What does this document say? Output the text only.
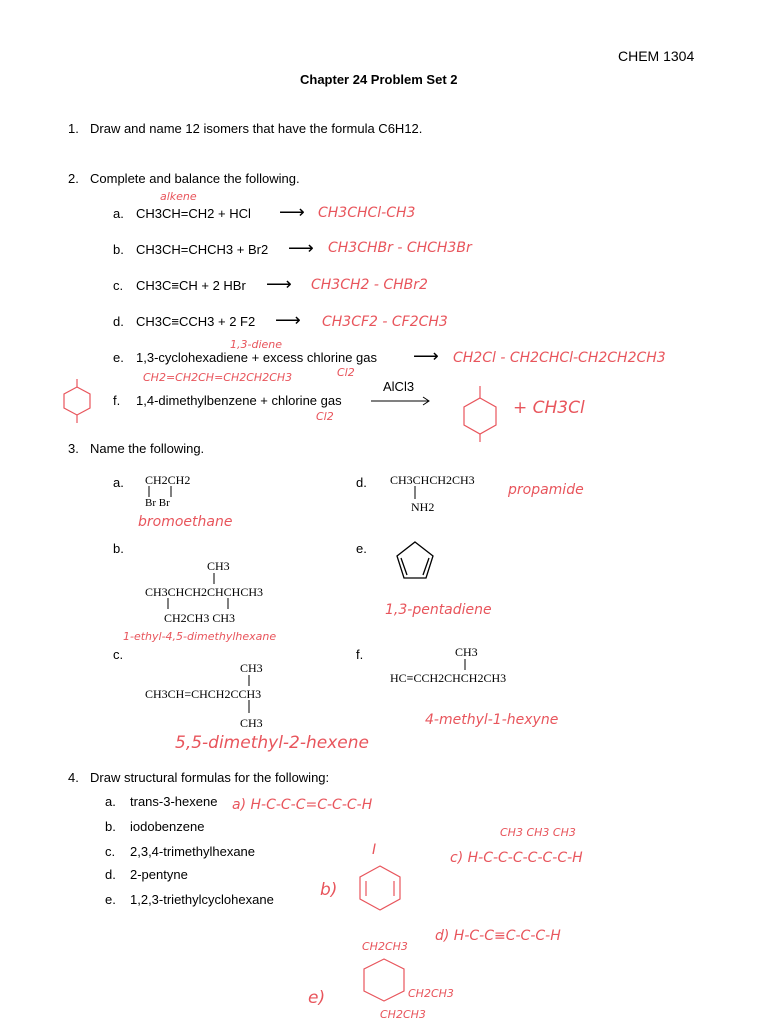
CHEM 1304
Chapter 24 Problem Set 2
1. Draw and name 12 isomers that have the formula C6H12.
2. Complete and balance the following.
alkene
a. CH3CH=CH2 + HCl ⟶ CH3CHCl-CH3
b. CH3CH=CHCH3 + Br2 ⟶ CH3CHBr - CHCH3Br
c. CH3C≡CH + 2 HBr ⟶ CH3CH2 - CHBr2
d. CH3C≡CCH3 + 2 F2 ⟶ CH3CF2 - CF2CH3
1,3-diene
e. 1,3-cyclohexadiene + excess chlorine gas ⟶ CH2Cl - CH2CHCl-CH2CH2CH3
CH2=CH2CH=CH2CH2CH3	Cl2
AlCl3
f. 1,4-dimethylbenzene + chlorine gas
Cl2	+ CH3Cl
3. Name the following.
a. CH2CH2
Br Br
bromoethane
d. CH3CHCH2CH3
NH2
propamide
b.
CH3
CH3CHCH2CHCHCH3
CH2CH3 CH3
1-ethyl-4,5-dimethylhexane
e.
1,3-pentadiene
c.
CH3
CH3CH=CHCH2CCH3
CH3
5,5-dimethyl-2-hexene
f.	CH3
HC≡CCH2CHCH2CH3
4-methyl-1-hexyne
4. Draw structural formulas for the following:
a. trans-3-hexene
b. iodobenzene
c. 2,3,4-trimethylhexane
d. 2-pentyne
e. 1,2,3-triethylcyclohexane
a) H-C-C-C=C-C-C-H
CH3 CH3 CH3
c) H-C-C-C-C-C-C-H
b)
I
d) H-C-C≡C-C-C-H
e)
CH2CH3
CH2CH3
CH2CH3
